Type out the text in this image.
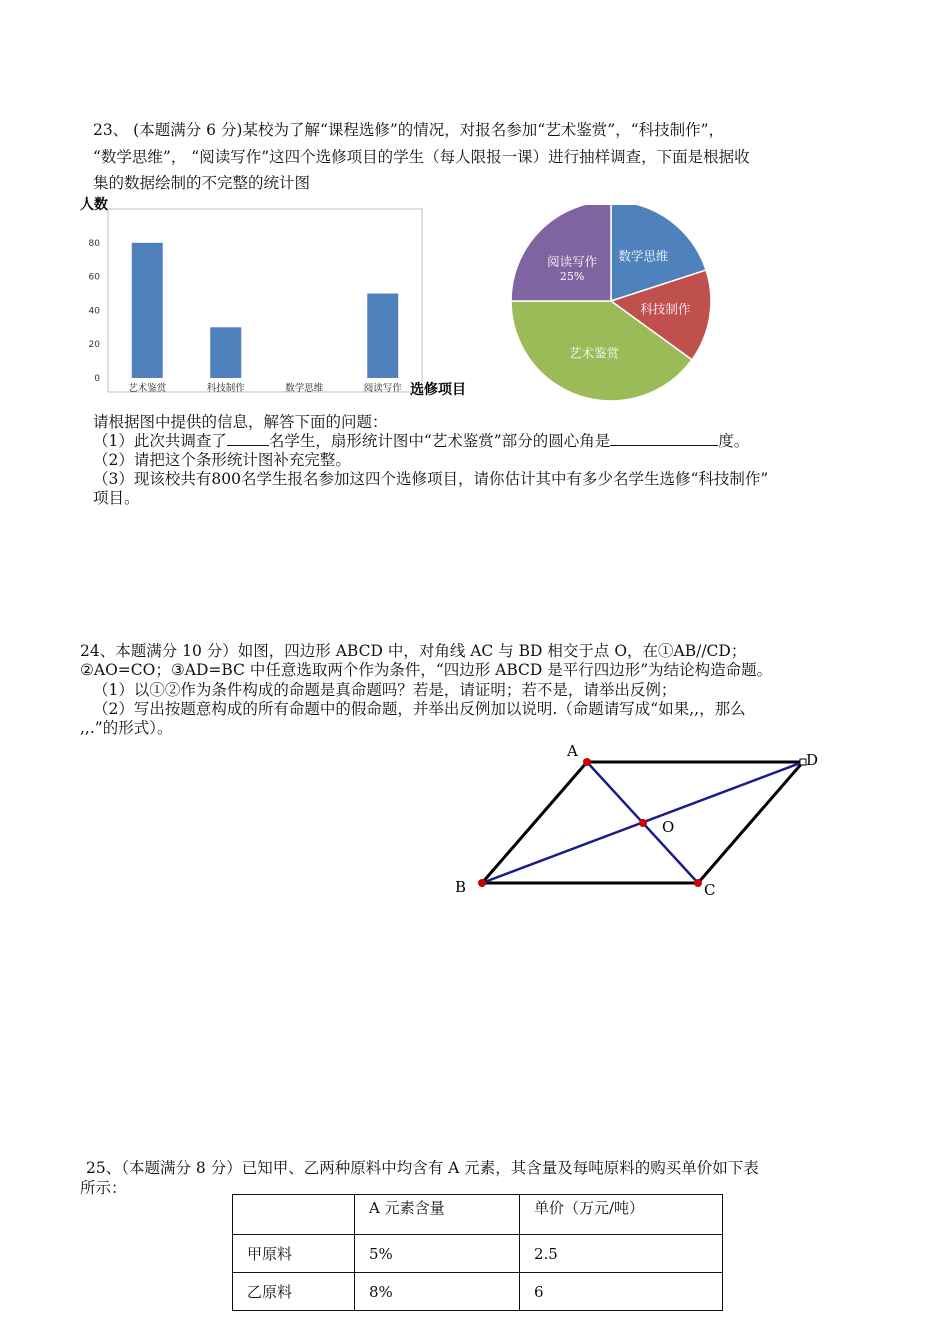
23、 (本题满分 6 分)某校为了解“课程选修”的情况，对报名参加“艺术鉴赏”，“科技制作”，
“数学思维”， “阅读写作”这四个选修项目的学生（每人限报一课）进行抽样调查，下面是根据收
集的数据绘制的不完整的统计图
人数
0
20
40
60
80
艺术鉴赏	科技制作	数学思维	阅读写作 选修项目
数学思维
科技制作
艺术鉴赏
阅读写作
25%
请根据图中提供的信息，解答下面的问题：
（1）此次共调查了	名学生，扇形统计图中“艺术鉴赏”部分的圆心角是	度。
（2）请把这个条形统计图补充完整。
（3）现该校共有800名学生报名参加这四个选修项目，请你估计其中有多少名学生选修“科技制作”
项目。
24、本题满分 10 分）如图，四边形 ABCD 中，对角线 AC 与 BD 相交于点 O，在①AB//CD；
②AO=CO；③AD=BC 中任意选取两个作为条件，“四边形 ABCD 是平行四边形”为结论构造命题。
（1）以①②作为条件构成的命题是真命题吗？若是，请证明；若不是，请举出反例；
（2）写出按题意构成的所有命题中的假命题，并举出反例加以说明.（命题请写成“如果,,，那么
,,.”的形式）。
A
B	C
D
O
25、（本题满分 8 分）已知甲、乙两种原料中均含有 A 元素，其含量及每吨原料的购买单价如下表
所示：
	A 元素含量	单价（万元/吨）
甲原料	5%	2.5
乙原料	8%	6
